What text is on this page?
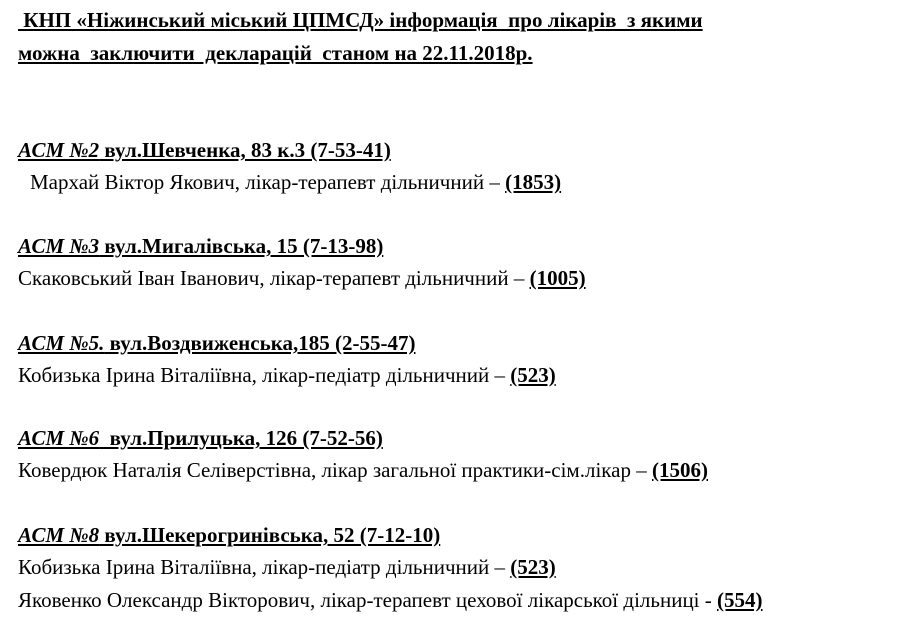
КНП «Ніжинський міський ЦПМСД» інформація  про лікарів  з якими
можна  заключити  декларацій  станом на 22.11.2018р.
АСМ №2 вул.Шевченка, 83 к.3 (7-53-41)
Мархай Віктор Якович, лікар-терапевт дільничний – (1853)
АСМ №3 вул.Мигалівська, 15 (7-13-98)
Скаковський Іван Іванович, лікар-терапевт дільничний – (1005)
АСМ №5. вул.Воздвиженська,185 (2-55-47)
Кобизька Ірина Віталіївна, лікар-педіатр дільничний – (523)
АСМ №6  вул.Прилуцька, 126 (7-52-56)
Ковердюк Наталія Селіверстівна, лікар загальної практики-сім.лікар – (1506)
АСМ №8 вул.Шекерогринівська, 52 (7-12-10)
Кобизька Ірина Віталіївна, лікар-педіатр дільничний – (523)
Яковенко Олександр Вікторович, лікар-терапевт цехової лікарської дільниці - (554)
